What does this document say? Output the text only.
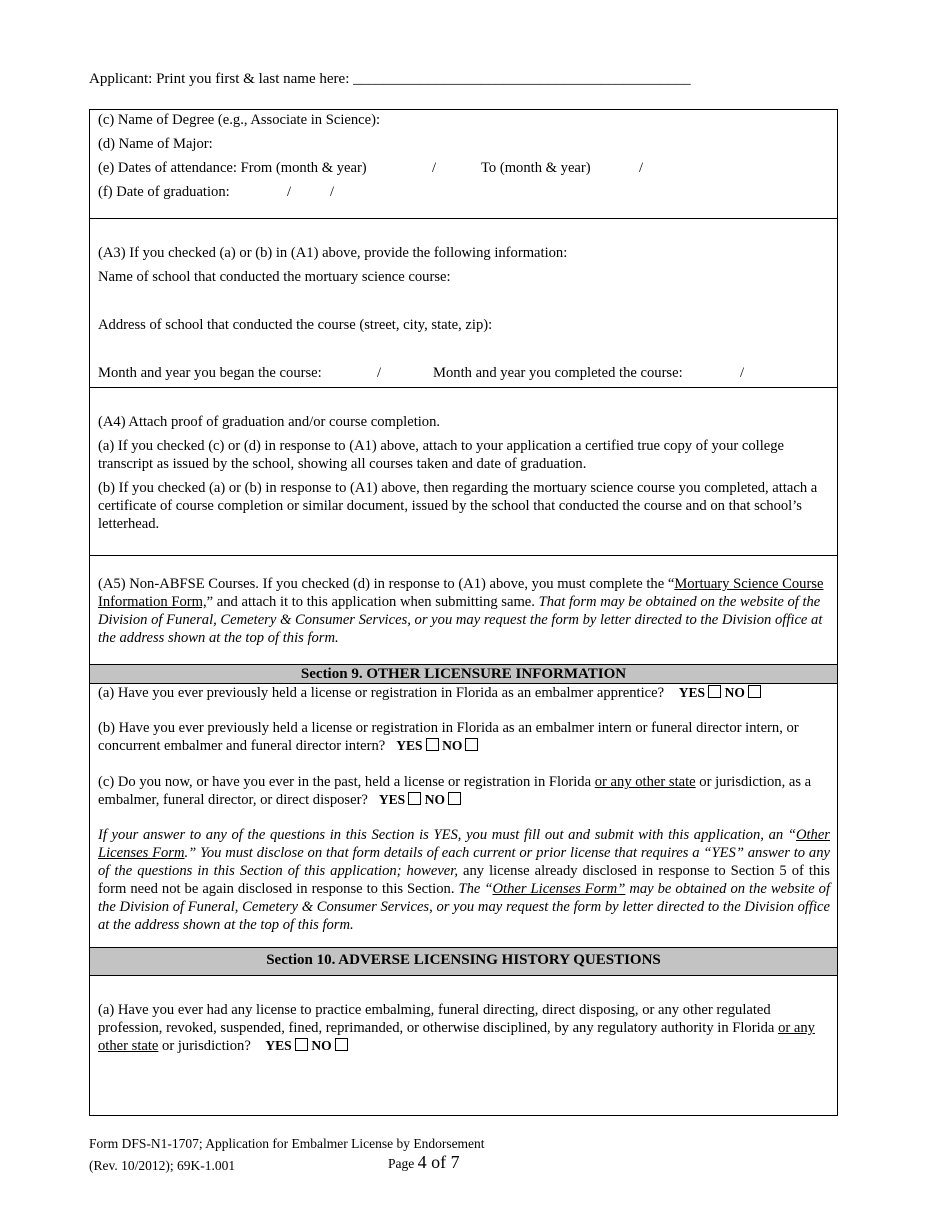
Applicant: Print you first & last name here: _____________________________________________
(c) Name of Degree (e.g., Associate in Science):
(d) Name of Major:
(e) Dates of attendance: From (month & year)	/	To (month & year)	/
(f) Date of graduation:	/	/
(A3) If you checked (a) or (b) in (A1) above, provide the following information:
Name of school that conducted the mortuary science course:
Address of school that conducted the course (street, city, state, zip):
Month and year you began the course:	/	Month and year you completed the course:	/
(A4) Attach proof of graduation and/or course completion.
(a) If you checked (c) or (d) in response to (A1) above, attach to your application a certified true copy of your college transcript as issued by the school, showing all courses taken and date of graduation.
(b) If you checked (a) or (b) in response to (A1) above, then regarding the mortuary science course you completed, attach a certificate of course completion or similar document, issued by the school that conducted the course and on that school’s letterhead.
(A5) Non-ABFSE Courses. If you checked (d) in response to (A1) above, you must complete the “Mortuary Science Course Information Form,” and attach it to this application when submitting same. That form may be obtained on the website of the Division of Funeral, Cemetery & Consumer Services, or you may request the form by letter directed to the Division office at the address shown at the top of this form.
Section 9. OTHER LICENSURE INFORMATION
(a) Have you ever previously held a license or registration in Florida as an embalmer apprentice? YES NO
(b) Have you ever previously held a license or registration in Florida as an embalmer intern or funeral director intern, or concurrent embalmer and funeral director intern? YES NO
(c) Do you now, or have you ever in the past, held a license or registration in Florida or any other state or jurisdiction, as a embalmer, funeral director, or direct disposer? YES NO
If your answer to any of the questions in this Section is YES, you must fill out and submit with this application, an “Other Licenses Form.” You must disclose on that form details of each current or prior license that requires a “YES” answer to any of the questions in this Section of this application; however, any license already disclosed in response to Section 5 of this form need not be again disclosed in response to this Section. The “Other Licenses Form” may be obtained on the website of the Division of Funeral, Cemetery & Consumer Services, or you may request the form by letter directed to the Division office at the address shown at the top of this form.
Section 10. ADVERSE LICENSING HISTORY QUESTIONS
(a) Have you ever had any license to practice embalming, funeral directing, direct disposing, or any other regulated profession, revoked, suspended, fined, reprimanded, or otherwise disciplined, by any regulatory authority in Florida or any other state or jurisdiction? YES NO
Form DFS-N1-1707; Application for Embalmer License by Endorsement
(Rev. 10/2012); 69K-1.001	Page 4 of 7
